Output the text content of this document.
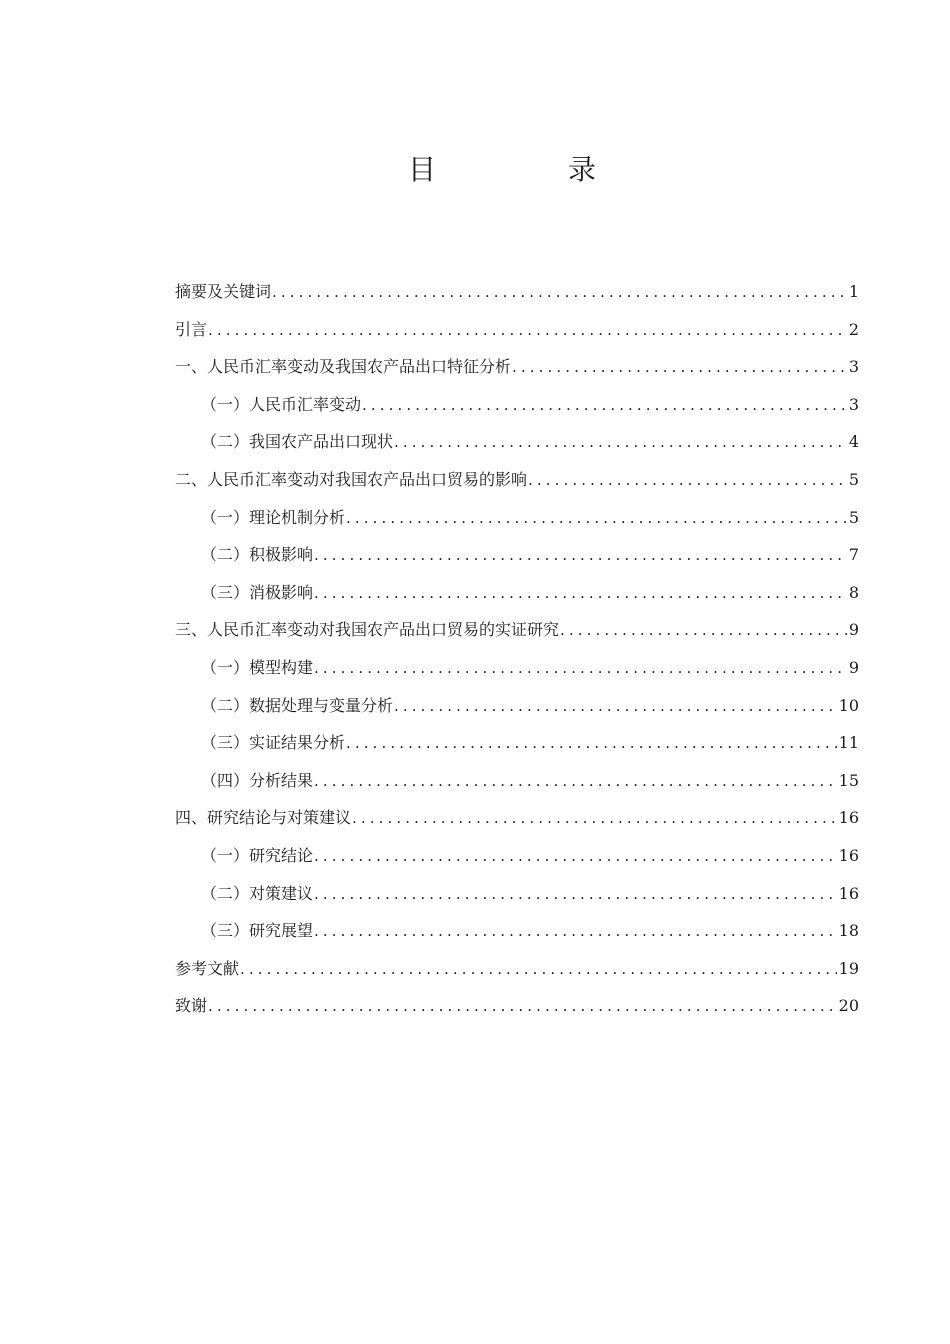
目　录
摘要及关键词 .....	1
引言 .....	2
一、人民币汇率变动及我国农产品出口特征分析 .....	3
（一）人民币汇率变动 .....	3
（二）我国农产品出口现状 .....	4
二、人民币汇率变动对我国农产品出口贸易的影响 .....	5
（一）理论机制分析 .....	5
（二）积极影响 .....	7
（三）消极影响 .....	8
三、人民币汇率变动对我国农产品出口贸易的实证研究 .....	9
（一）模型构建 .....	9
（二）数据处理与变量分析 .....	10
（三）实证结果分析 .....	11
（四）分析结果 .....	15
四、研究结论与对策建议 .....	16
（一）研究结论 .....	16
（二）对策建议 .....	16
（三）研究展望 .....	18
参考文献 .....	19
致谢 .....	20
